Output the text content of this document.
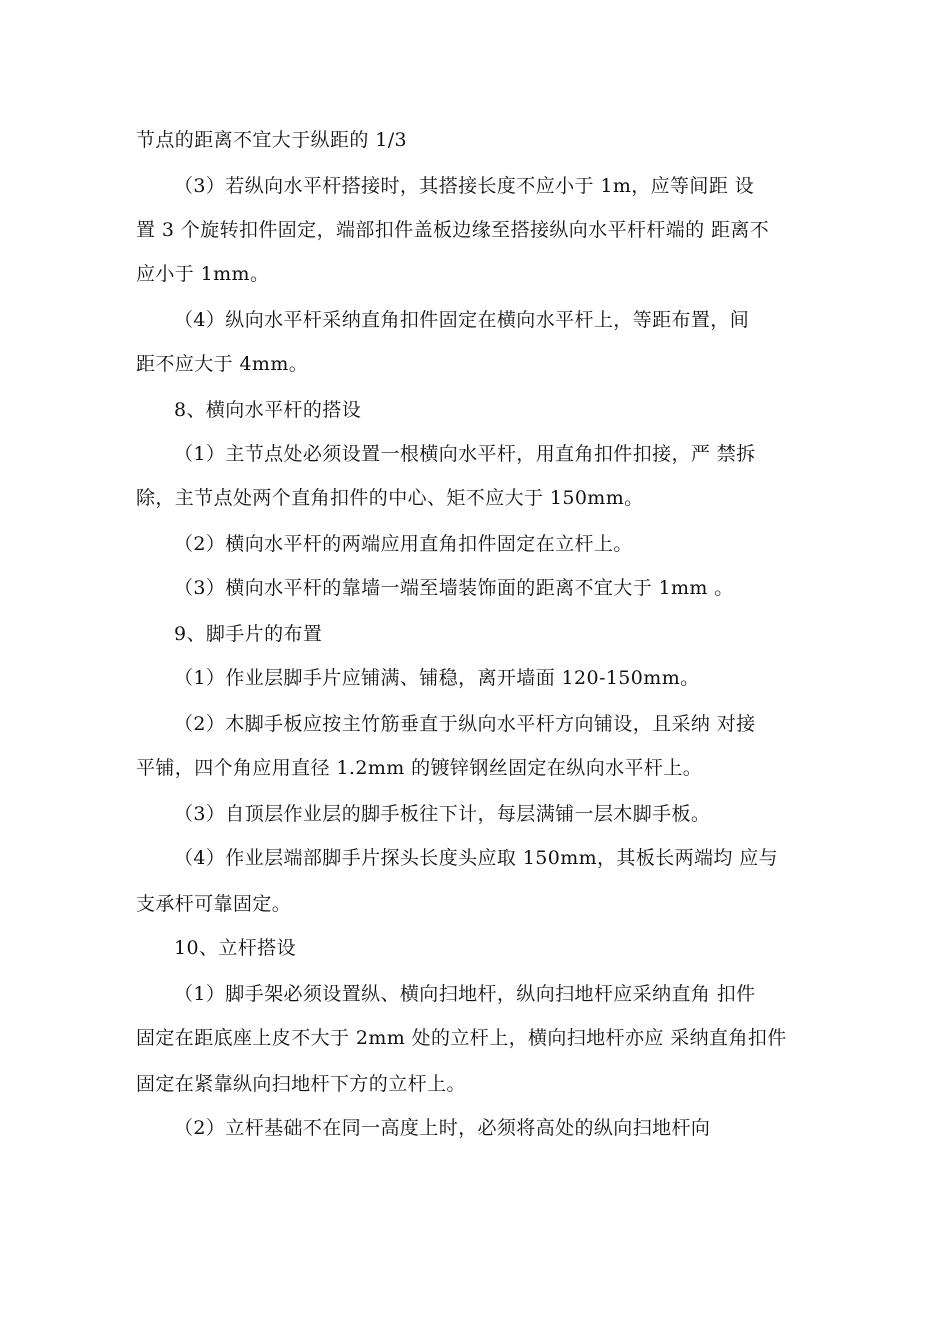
节点的距离不宜大于纵距的 1/3
（3）若纵向水平杆搭接时，其搭接长度不应小于 1m，应等间距 设
置 3 个旋转扣件固定，端部扣件盖板边缘至搭接纵向水平杆杆端的 距离不
应小于 1mm。
（4）纵向水平杆采纳直角扣件固定在横向水平杆上，等距布置，间
距不应大于 4mm。
8、横向水平杆的搭设
（1）主节点处必须设置一根横向水平杆，用直角扣件扣接，严 禁拆
除，主节点处两个直角扣件的中心、矩不应大于 150mm。
（2）横向水平杆的两端应用直角扣件固定在立杆上。
（3）横向水平杆的靠墙一端至墙装饰面的距离不宜大于 1mm 。
9、脚手片的布置
（1）作业层脚手片应铺满、铺稳，离开墙面 120-150mm。
（2）木脚手板应按主竹筋垂直于纵向水平杆方向铺设，且采纳 对接
平铺，四个角应用直径 1.2mm 的镀锌钢丝固定在纵向水平杆上。
（3）自顶层作业层的脚手板往下计，每层满铺一层木脚手板。
（4）作业层端部脚手片探头长度头应取 150mm，其板长两端均 应与
支承杆可靠固定。
10、立杆搭设
（1）脚手架必须设置纵、横向扫地杆，纵向扫地杆应采纳直角 扣件
固定在距底座上皮不大于 2mm 处的立杆上，横向扫地杆亦应 采纳直角扣件
固定在紧靠纵向扫地杆下方的立杆上。
（2）立杆基础不在同一高度上时，必须将高处的纵向扫地杆向
